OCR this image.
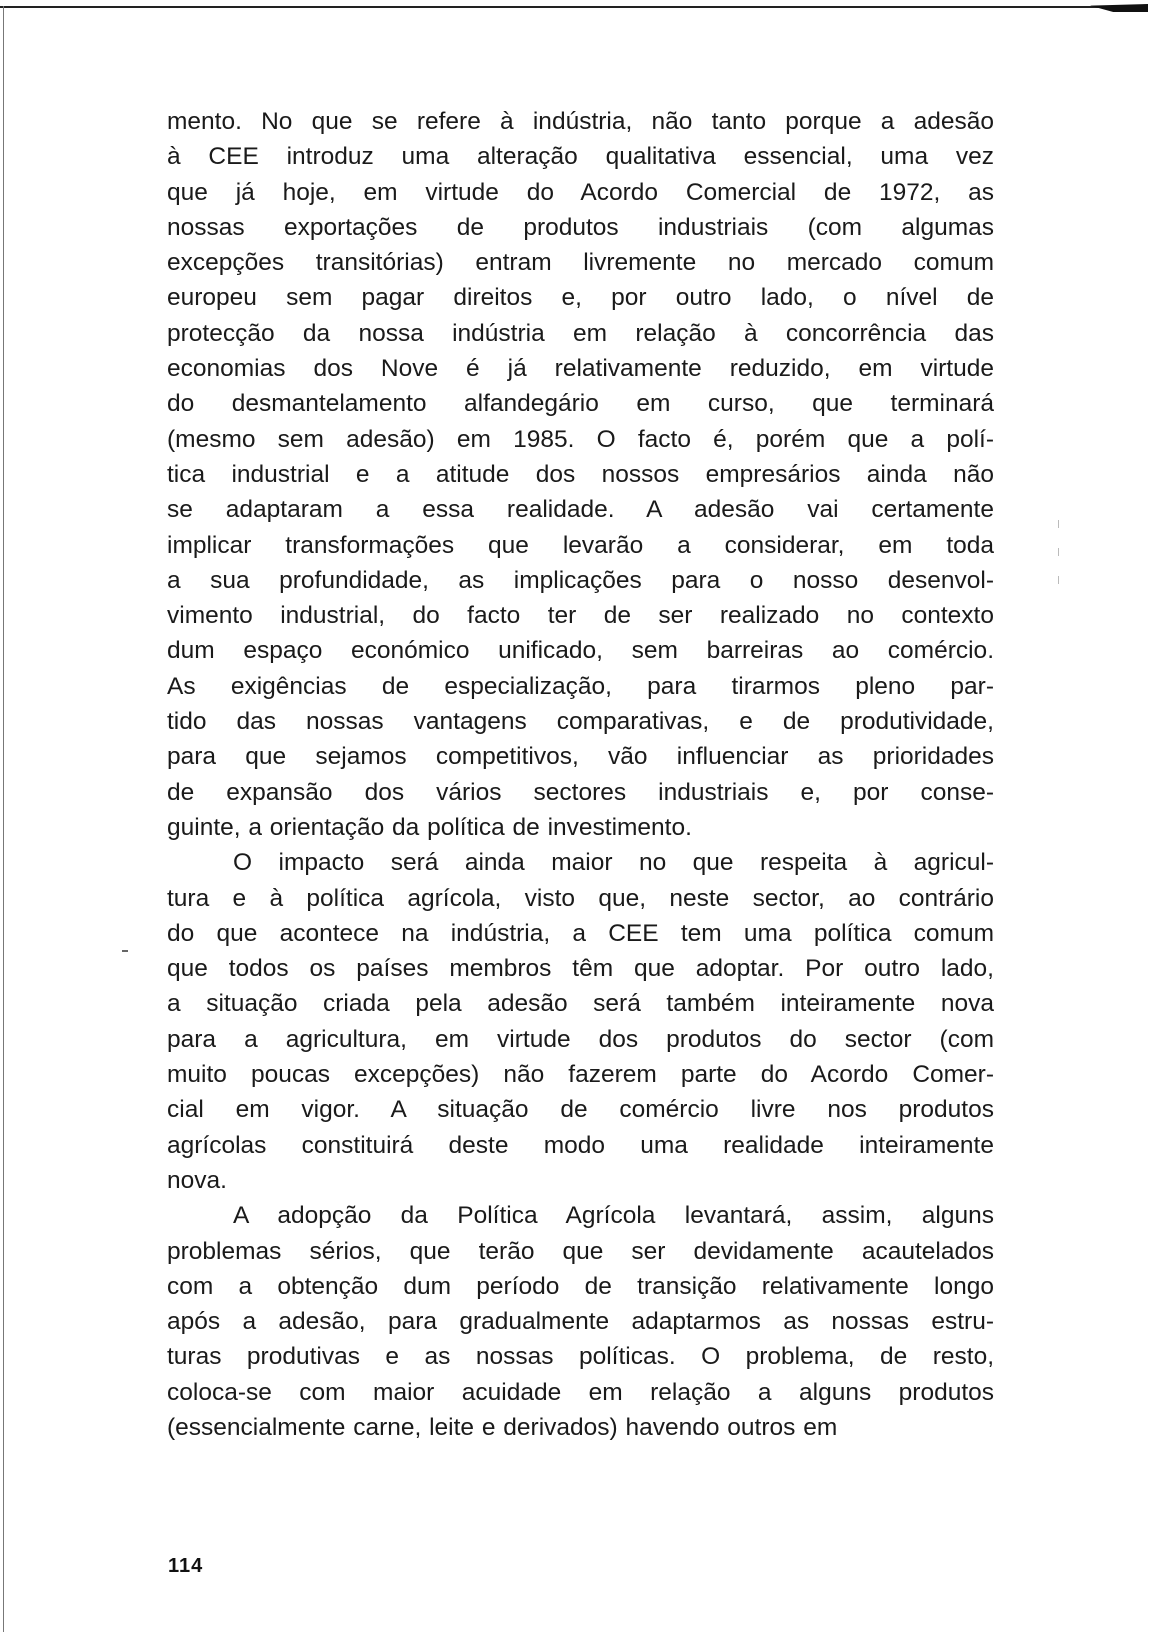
mento. No que se refere à indústria, não tanto porque a adesão
à CEE introduz uma alteração qualitativa essencial, uma vez
que já hoje, em virtude do Acordo Comercial de 1972, as
nossas exportações de produtos industriais (com algumas
excepções transitórias) entram livremente no mercado comum
europeu sem pagar direitos e, por outro lado, o nível de
protecção da nossa indústria em relação à concorrência das
economias dos Nove é já relativamente reduzido, em virtude
do desmantelamento alfandegário em curso, que terminará
(mesmo sem adesão) em 1985. O facto é, porém que a polí-
tica industrial e a atitude dos nossos empresários ainda não
se adaptaram a essa realidade. A adesão vai certamente
implicar transformações que levarão a considerar, em toda
a sua profundidade, as implicações para o nosso desenvol-
vimento industrial, do facto ter de ser realizado no contexto
dum espaço económico unificado, sem barreiras ao comércio.
As exigências de especialização, para tirarmos pleno par-
tido das nossas vantagens comparativas, e de produtividade,
para que sejamos competitivos, vão influenciar as prioridades
de expansão dos vários sectores industriais e, por conse-
guinte, a orientação da política de investimento.
O impacto será ainda maior no que respeita à agricul-
tura e à política agrícola, visto que, neste sector, ao contrário
do que acontece na indústria, a CEE tem uma política comum
que todos os países membros têm que adoptar. Por outro lado,
a situação criada pela adesão será também inteiramente nova
para a agricultura, em virtude dos produtos do sector (com
muito poucas excepções) não fazerem parte do Acordo Comer-
cial em vigor. A situação de comércio livre nos produtos
agrícolas constituirá deste modo uma realidade inteiramente
nova.
A adopção da Política Agrícola levantará, assim, alguns
problemas sérios, que terão que ser devidamente acautelados
com a obtenção dum período de transição relativamente longo
após a adesão, para gradualmente adaptarmos as nossas estru-
turas produtivas e as nossas políticas. O problema, de resto,
coloca-se com maior acuidade em relação a alguns produtos
(essencialmente carne, leite e derivados) havendo outros em
114
